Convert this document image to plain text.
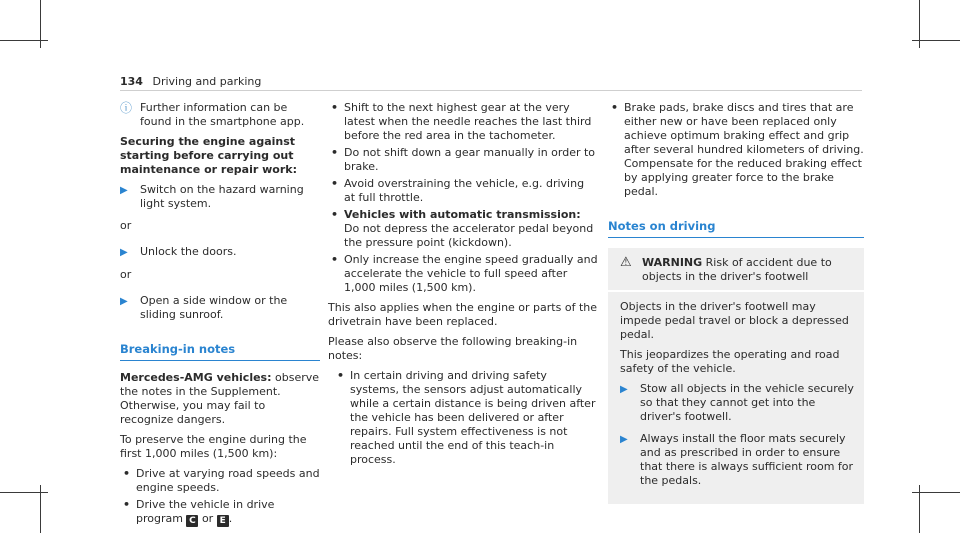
134 Driving and parking
ⓘ Further information can be found in the smartphone app.

Securing the engine against starting before carrying out maintenance or repair work:

▶	Switch on the hazard warning light system.
or
▶	Unlock the doors.
or
▶	Open a side window or the sliding sunroof.
Breaking-in notes

Mercedes-AMG vehicles: observe the notes in the Supplement. Otherwise, you may fail to recognize dangers.

To preserve the engine during the first 1,000 miles (1,500 km):

• Drive at varying road speeds and engine speeds.
• Drive the vehicle in drive program C or E .
• Shift to the next highest gear at the very latest when the needle reaches the last third before the red area in the tachometer.
• Do not shift down a gear manually in order to brake.
• Avoid overstraining the vehicle, e.g. driving at full throttle.
• Vehicles with automatic transmission: Do not depress the accelerator pedal beyond the pressure point (kickdown).
• Only increase the engine speed gradually and accelerate the vehicle to full speed after 1,000 miles (1,500 km).

This also applies when the engine or parts of the drivetrain have been replaced.

Please also observe the following breaking-in notes:

• In certain driving and driving safety systems, the sensors adjust automatically while a certain distance is being driven after the vehicle has been delivered or after repairs. Full system effectiveness is not reached until the end of this teach-in process.
• Brake pads, brake discs and tires that are either new or have been replaced only achieve optimum braking effect and grip after several hundred kilometers of driving. Compensate for the reduced braking effect by applying greater force to the brake pedal.
Notes on driving
⚠ WARNING Risk of accident due to objects in the driver's footwell

Objects in the driver's footwell may impede pedal travel or block a depressed pedal.

This jeopardizes the operating and road safety of the vehicle.

▶	Stow all objects in the vehicle securely so that they cannot get into the driver's footwell.
▶	Always install the floor mats securely and as prescribed in order to ensure that there is always sufficient room for the pedals.
